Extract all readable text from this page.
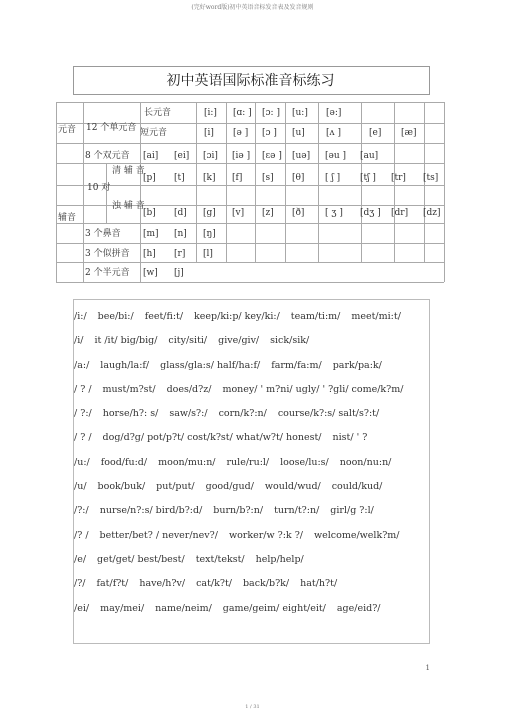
(完好word版)初中英语音标发音表及发音规则
初中英语国际标准音标练习
元音
辅音
12 个单元音
长元音
短元音
8 个双元音
10 对
清 辅 音
浊 辅 音
3 个鼻音
3 个似拼音
2 个半元音
[i:] [ɑ: ] [ɔ: ] [u:] [ə:]
[i] [ə ] [ɔ ] [u] [ʌ ]	[e] [æ]
[ai] [ei] [ɔi] [iə ] [ɛə ] [uə] [əu ] [au]
[p] [t] [k] [f] [s] [θ] [ ʃ ] [tʃ ] [tr] [ts]
[b] [d] [g] [v] [z] [ð] [ ʒ ] [dʒ ] [dr] [dz]
[m] [n] [ŋ]
[h] [r] [l]
[w] [j]
/i:/ bee/bi:/ feet/fi:t/ keep/ki:p/ key/ki:/ team/ti:m/ meet/mi:t/
/i/ it /it/ big/big/ city/siti/ give/giv/ sick/sik/
/a:/ laugh/la:f/ glass/gla:s/ half/ha:f/ farm/fa:m/ park/pa:k/
/ ? / must/m?st/ does/d?z/ money/ ' m?ni/ ugly/ ' ?gli/ come/k?m/
/ ?:/ horse/h?: s/ saw/s?:/ corn/k?:n/ course/k?:s/ salt/s?:t/
/ ? / dog/d?g/ pot/p?t/ cost/k?st/ what/w?t/ honest/ nist/ ' ?
/u:/ food/fu:d/ moon/mu:n/ rule/ru:l/ loose/lu:s/ noon/nu:n/
/u/ book/buk/ put/put/ good/gud/ would/wud/ could/kud/
/?:/ nurse/n?:s/ bird/b?:d/ burn/b?:n/ turn/t?:n/ girl/g ?:l/
/? / better/bet? / never/nev?/ worker/w ?:k ?/ welcome/welk?m/
/e/ get/get/ best/best/ text/tekst/ help/help/
/?/ fat/f?t/ have/h?v/ cat/k?t/ back/b?k/ hat/h?t/
/ei/ may/mei/ name/neim/ game/geim/ eight/eit/ age/eid?/
1
1 / 31
